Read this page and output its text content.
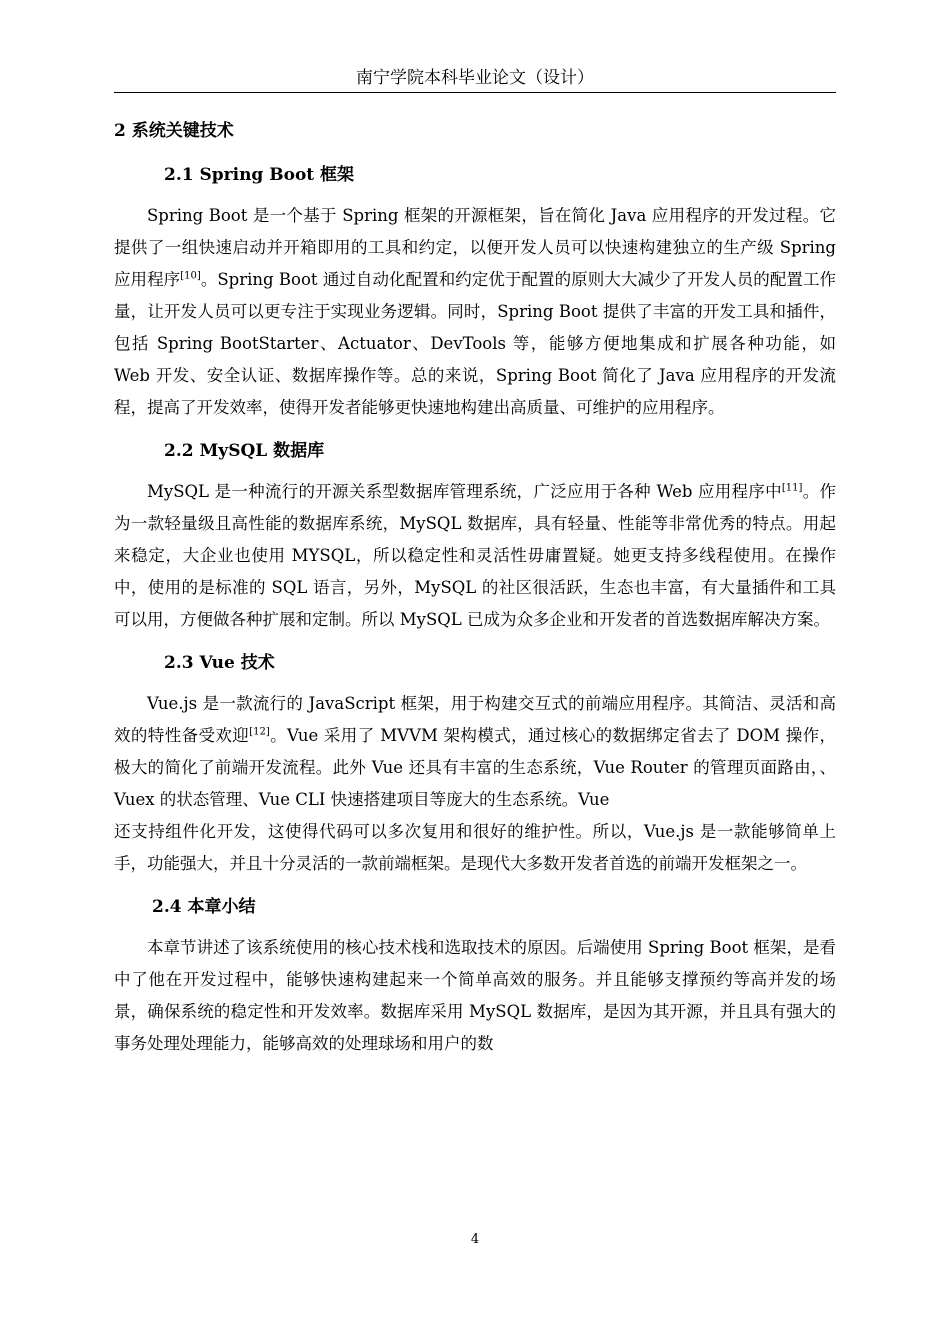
南宁学院本科毕业论文（设计）
2 系统关键技术
2.1 Spring Boot 框架

Spring Boot 是一个基于 Spring 框架的开源框架，旨在简化 Java 应用程序的开发过程。它提供了一组快速启动并开箱即用的工具和约定，以便开发人员可以快速构建独立的生产级 Spring 应用程序[10]。Spring Boot 通过自动化配置和约定优于配置的原则大大减少了开发人员的配置工作量，让开发人员可以更专注于实现业务逻辑。同时，Spring Boot 提供了丰富的开发工具和插件，包括 Spring BootStarter、Actuator、DevTools 等，能够方便地集成和扩展各种功能，如 Web 开发、安全认证、数据库操作等。总的来说，Spring Boot 简化了 Java 应用程序的开发流程，提高了开发效率，使得开发者能够更快速地构建出高质量、可维护的应用程序。

2.2 MySQL 数据库

MySQL 是一种流行的开源关系型数据库管理系统，广泛应用于各种 Web 应用程序中[11]。作为一款轻量级且高性能的数据库系统，MySQL 数据库，具有轻量、性能等非常优秀的特点。用起来稳定，大企业也使用 MYSQL，所以稳定性和灵活性毋庸置疑。她更支持多线程使用。在操作中，使用的是标准的 SQL 语言，另外，MySQL 的社区很活跃，生态也丰富，有大量插件和工具可以用，方便做各种扩展和定制。所以 MySQL 已成为众多企业和开发者的首选数据库解决方案。

2.3 Vue 技术

Vue.js 是一款流行的 JavaScript 框架，用于构建交互式的前端应用程序。其简洁、灵活和高效的特性备受欢迎[12]。Vue 采用了 MVVM 架构模式，通过核心的数据绑定省去了 DOM 操作，极大的简化了前端开发流程。此外 Vue 还具有丰富的生态系统，Vue Router 的管理页面路由，、Vuex 的状态管理、Vue CLI 快速搭建项目等庞大的生态系统。Vue

还支持组件化开发，这使得代码可以多次复用和很好的维护性。所以，Vue.js 是一款能够简单上手，功能强大，并且十分灵活的一款前端框架。是现代大多数开发者首选的前端开发框架之一。

2.4 本章小结

本章节讲述了该系统使用的核心技术栈和选取技术的原因。后端使用 Spring Boot 框架，是看中了他在开发过程中，能够快速构建起来一个简单高效的服务。并且能够支撑预约等高并发的场景，确保系统的稳定性和开发效率。数据库采用 MySQL 数据库，是因为其开源，并且具有强大的事务处理处理能力，能够高效的处理球场和用户的数

4
